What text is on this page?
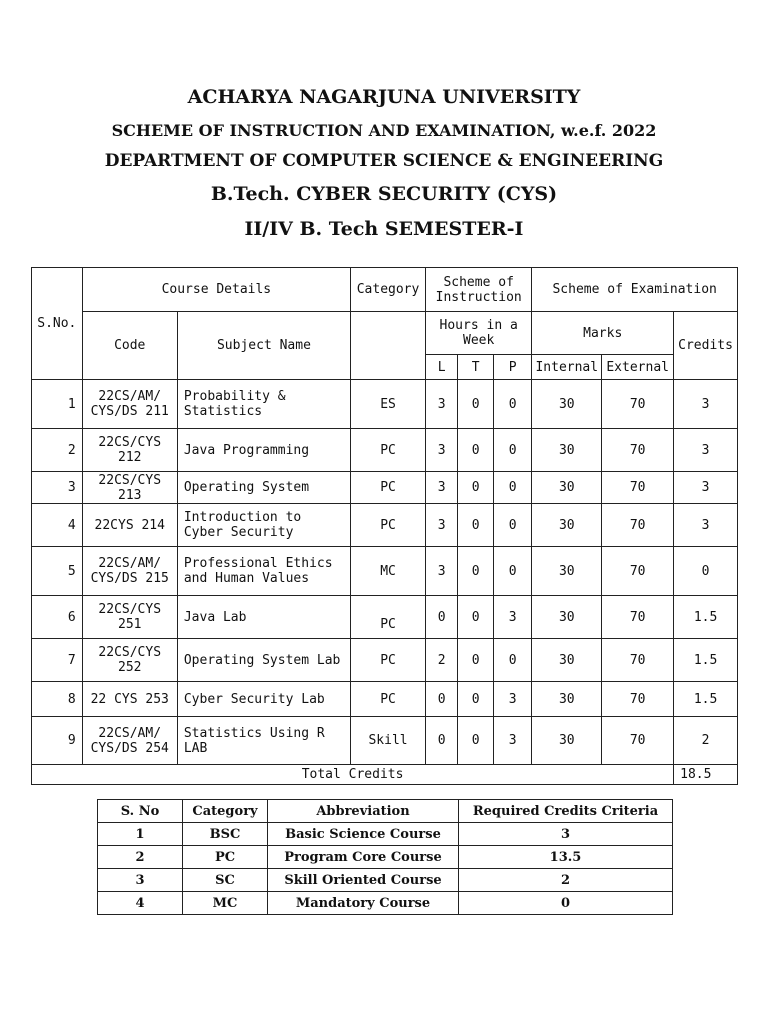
ACHARYA NAGARJUNA UNIVERSITY
SCHEME OF INSTRUCTION AND EXAMINATION, w.e.f. 2022
DEPARTMENT OF COMPUTER SCIENCE & ENGINEERING
B.Tech. CYBER SECURITY (CYS)
II/IV B. Tech SEMESTER-I
S.No.	Course Details		Category	Scheme of Instruction			Scheme of Examination		
	Code	Subject Name		Hours in a Week			Marks		Credits
				L	T	P	Internal	External	
1	22CS/AM/ CYS/DS 211	Probability & Statistics	ES	3	0	0	30	70	3
2	22CS/CYS 212	Java Programming	PC	3	0	0	30	70	3
3	22CS/CYS 213	Operating System	PC	3	0	0	30	70	3
4	22CYS 214	Introduction to Cyber Security	PC	3	0	0	30	70	3
5	22CS/AM/ CYS/DS 215	Professional Ethics and Human Values	MC	3	0	0	30	70	0
6	22CS/CYS 251	Java Lab	PC	0	0	3	30	70	1.5
7	22CS/CYS 252	Operating System Lab	PC	2	0	0	30	70	1.5
8	22 CYS 253	Cyber Security Lab	PC	0	0	3	30	70	1.5
9	22CS/AM/ CYS/DS 254	Statistics Using R LAB	Skill	0	0	3	30	70	2
Total Credits									18.5
S. No	Category	Abbreviation	Required Credits Criteria
1	BSC	Basic Science Course	3
2	PC	Program Core Course	13.5
3	SC	Skill Oriented Course	2
4	MC	Mandatory Course	0
